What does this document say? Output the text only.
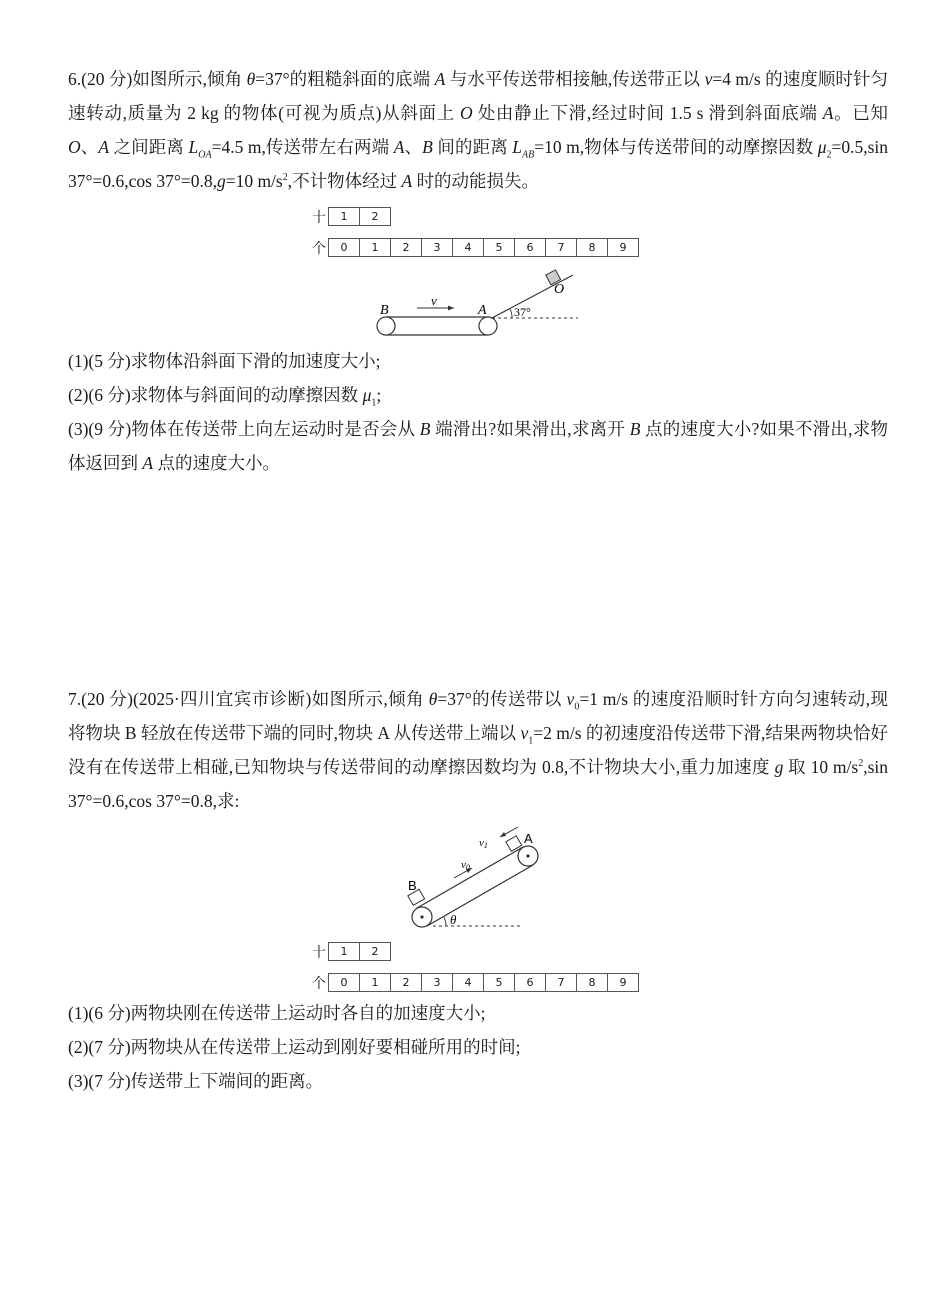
6.(20 分)如图所示,倾角 θ=37°的粗糙斜面的底端 A 与水平传送带相接触,传送带正以 v=4 m/s 的速度顺时针匀速转动,质量为 2 kg 的物体(可视为质点)从斜面上 O 处由静止下滑,经过时间 1.5 s 滑到斜面底端 A。已知 O、A 之间距离 $L_{OA}=4.5$ m,传送带左右两端 A、B 间的距离 $L_{AB}=10$ m,物体与传送带间的动摩擦因数 $\mu_2=0.5,\sin$ 37°=0.6,cos 37°=0.8,g=10 $m/s^2$,不计物体经过 A 时的动能损失。
十	1	2
个	0	1	2	3	4	5	6	7	8	9
B
v
A
O
37°
(1)(5 分)求物体沿斜面下滑的加速度大小;
(2)(6 分)求物体与斜面间的动摩擦因数 $\mu_1$;
(3)(9 分)物体在传送带上向左运动时是否会从 B 端滑出?如果滑出,求离开 B 点的速度大小?如果不滑出,求物体返回到 A 点的速度大小。
7.(20 分)(2025·四川宜宾市诊断)如图所示,倾角 θ=37°的传送带以 $v_0=1$ m/s 的速度沿顺时针方向匀速转动,现将物块 B 轻放在传送带下端的同时,物块 A 从传送带上端以 $v_1=2$ m/s 的初速度沿传送带下滑,结果两物块恰好没有在传送带上相碰,已知物块与传送带间的动摩擦因数均为 0.8,不计物块大小,重力加速度 g 取 10 $m/s^2,\sin$ 37°=0.6,cos 37°=0.8,求:
A
B
v1
v0
θ
十	1	2
个	0	1	2	3	4	5	6	7	8	9
(1)(6 分)两物块刚在传送带上运动时各自的加速度大小;
(2)(7 分)两物块从在传送带上运动到刚好要相碰所用的时间;
(3)(7 分)传送带上下端间的距离。
